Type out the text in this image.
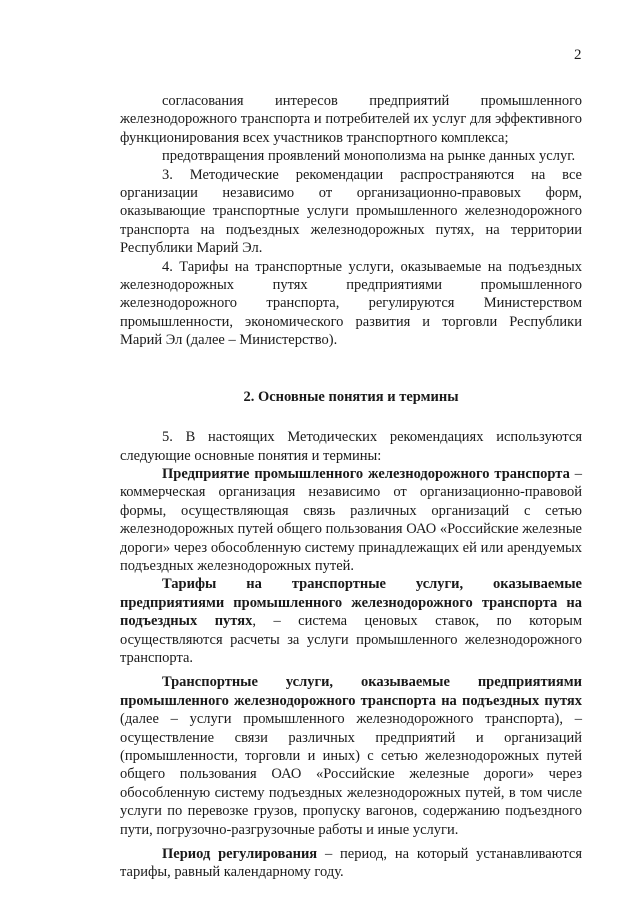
2

согласования интересов предприятий промышленного железнодорожного транспорта и потребителей их услуг для эффективного функционирования всех участников транспортного комплекса;

предотвращения проявлений монополизма на рынке данных услуг.

3. Методические рекомендации распространяются на все организации независимо от организационно-правовых форм, оказывающие транспортные услуги промышленного железнодорожного транспорта на подъездных железнодорожных путях, на территории Республики Марий Эл.

4. Тарифы на транспортные услуги, оказываемые на подъездных железнодорожных путях предприятиями промышленного железнодорожного транспорта, регулируются Министерством промышленности, экономического развития и торговли Республики Марий Эл (далее – Министерство).

2. Основные понятия и термины

5. В настоящих Методических рекомендациях используются следующие основные понятия и термины:

Предприятие промышленного железнодорожного транспорта – коммерческая организация независимо от организационно-правовой формы, осуществляющая связь различных организаций с сетью железнодорожных путей общего пользования ОАО «Российские железные дороги» через обособленную систему принадлежащих ей или арендуемых подъездных железнодорожных путей.

Тарифы на транспортные услуги, оказываемые предприятиями промышленного железнодорожного транспорта на подъездных путях, – система ценовых ставок, по которым осуществляются расчеты за услуги промышленного железнодорожного транспорта.

Транспортные услуги, оказываемые предприятиями промышленного железнодорожного транспорта на подъездных путях (далее – услуги промышленного железнодорожного транспорта), – осуществление связи различных предприятий и организаций (промышленности, торговли и иных) с сетью железнодорожных путей общего пользования ОАО «Российские железные дороги» через обособленную систему подъездных железнодорожных путей, в том числе услуги по перевозке грузов, пропуску вагонов, содержанию подъездного пути, погрузочно-разгрузочные работы и иные услуги.

Период регулирования – период, на который устанавливаются тарифы, равный календарному году.
